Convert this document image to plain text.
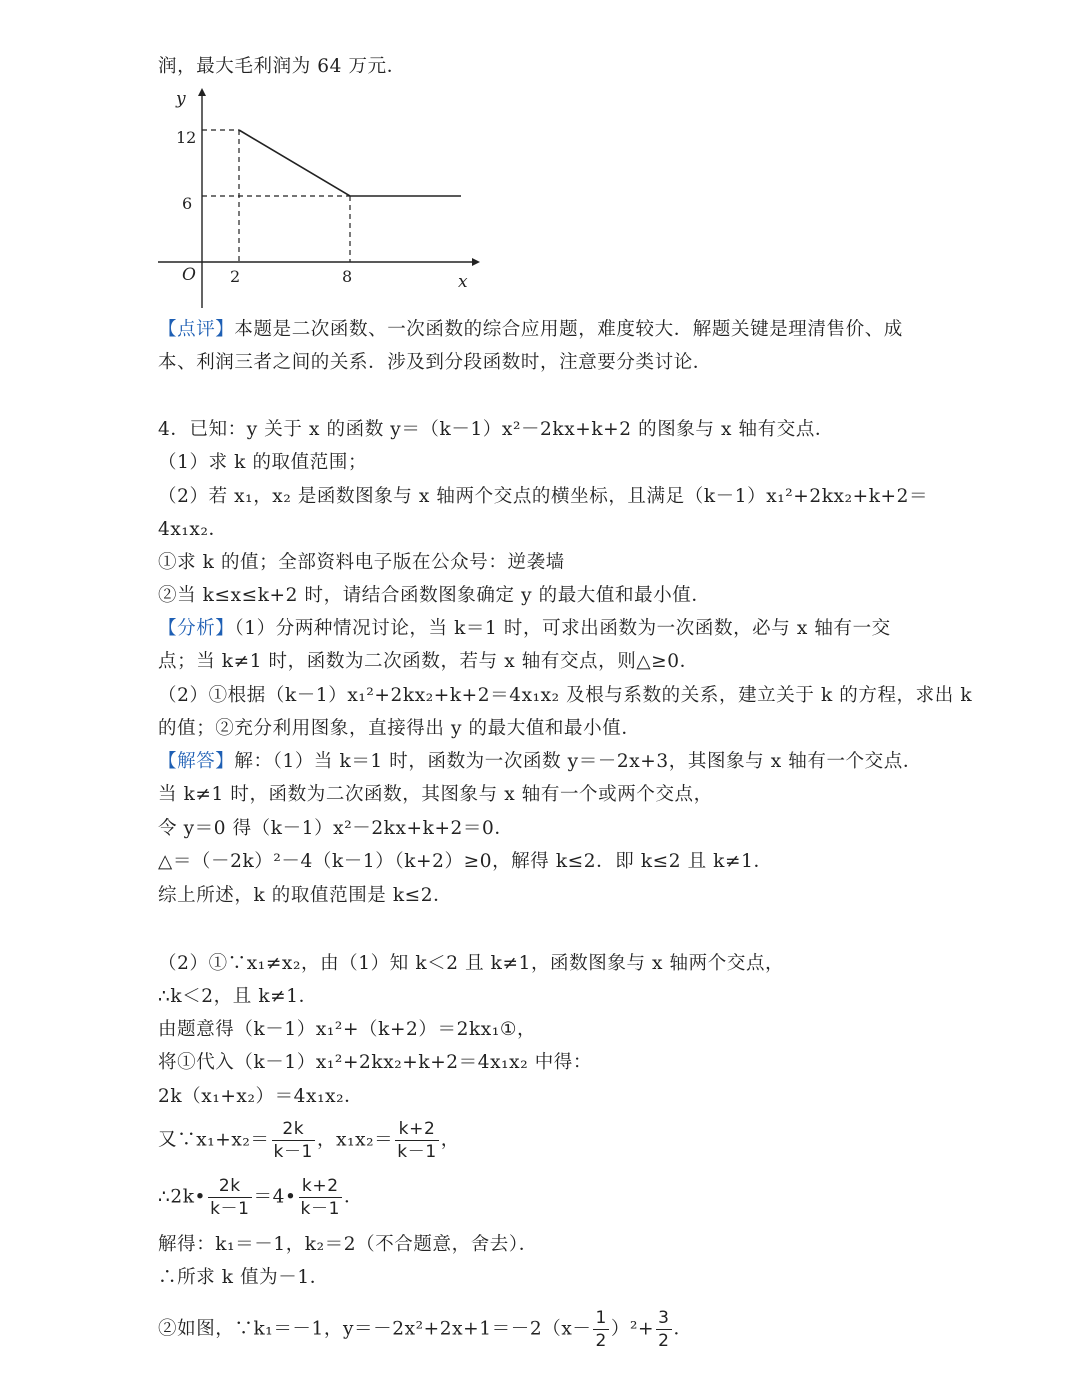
润，最大毛利润为 64 万元．
y
x
O
12
6
2	8
【点评】本题是二次函数、一次函数的综合应用题，难度较大．解题关键是理清售价、成
本、利润三者之间的关系．涉及到分段函数时，注意要分类讨论．
4．已知：y 关于 x 的函数 y＝（k－1）x²－2kx+k+2 的图象与 x 轴有交点．
（1）求 k 的取值范围；
（2）若 x₁，x₂ 是函数图象与 x 轴两个交点的横坐标，且满足（k－1）x₁²+2kx₂+k+2＝
4x₁x₂．
①求 k 的值；全部资料电子版在公众号：逆袭墙
②当 k≤x≤k+2 时，请结合函数图象确定 y 的最大值和最小值．
【分析】（1）分两种情况讨论，当 k＝1 时，可求出函数为一次函数，必与 x 轴有一交
点；当 k≠1 时，函数为二次函数，若与 x 轴有交点，则△≥0．
（2）①根据（k－1）x₁²+2kx₂+k+2＝4x₁x₂ 及根与系数的关系，建立关于 k 的方程，求出 k
的值；②充分利用图象，直接得出 y 的最大值和最小值．
【解答】解：（1）当 k＝1 时，函数为一次函数 y＝－2x+3，其图象与 x 轴有一个交点．
当 k≠1 时，函数为二次函数，其图象与 x 轴有一个或两个交点，
令 y＝0 得（k－1）x²－2kx+k+2＝0．
△＝（－2k）²－4（k－1）（k+2）≥0，解得 k≤2．即 k≤2 且 k≠1．
综上所述，k 的取值范围是 k≤2．
（2）①∵x₁≠x₂，由（1）知 k＜2 且 k≠1，函数图象与 x 轴两个交点，
∴k＜2，且 k≠1．
由题意得（k－1）x₁²+（k+2）＝2kx₁①，
将①代入（k－1）x₁²+2kx₂+k+2＝4x₁x₂ 中得：
2k（x₁+x₂）＝4x₁x₂．
又∵x₁+x₂＝ $\frac{2k}{k-1}$ ，$x_1x_2= \frac{k+2}{k-1}$ ，
∴2k• $\frac{2k}{k-1}$ ＝4• $\frac{k+2}{k-1}$ ．
解得：k₁＝－1，k₂＝2（不合题意，舍去）．
∴所求 k 值为－1．
②如图，∵k₁＝－1，$y=-2x^2+2x+1=-2(x- \frac{1}{2} )^2+ \frac{3}{2}$ ．
